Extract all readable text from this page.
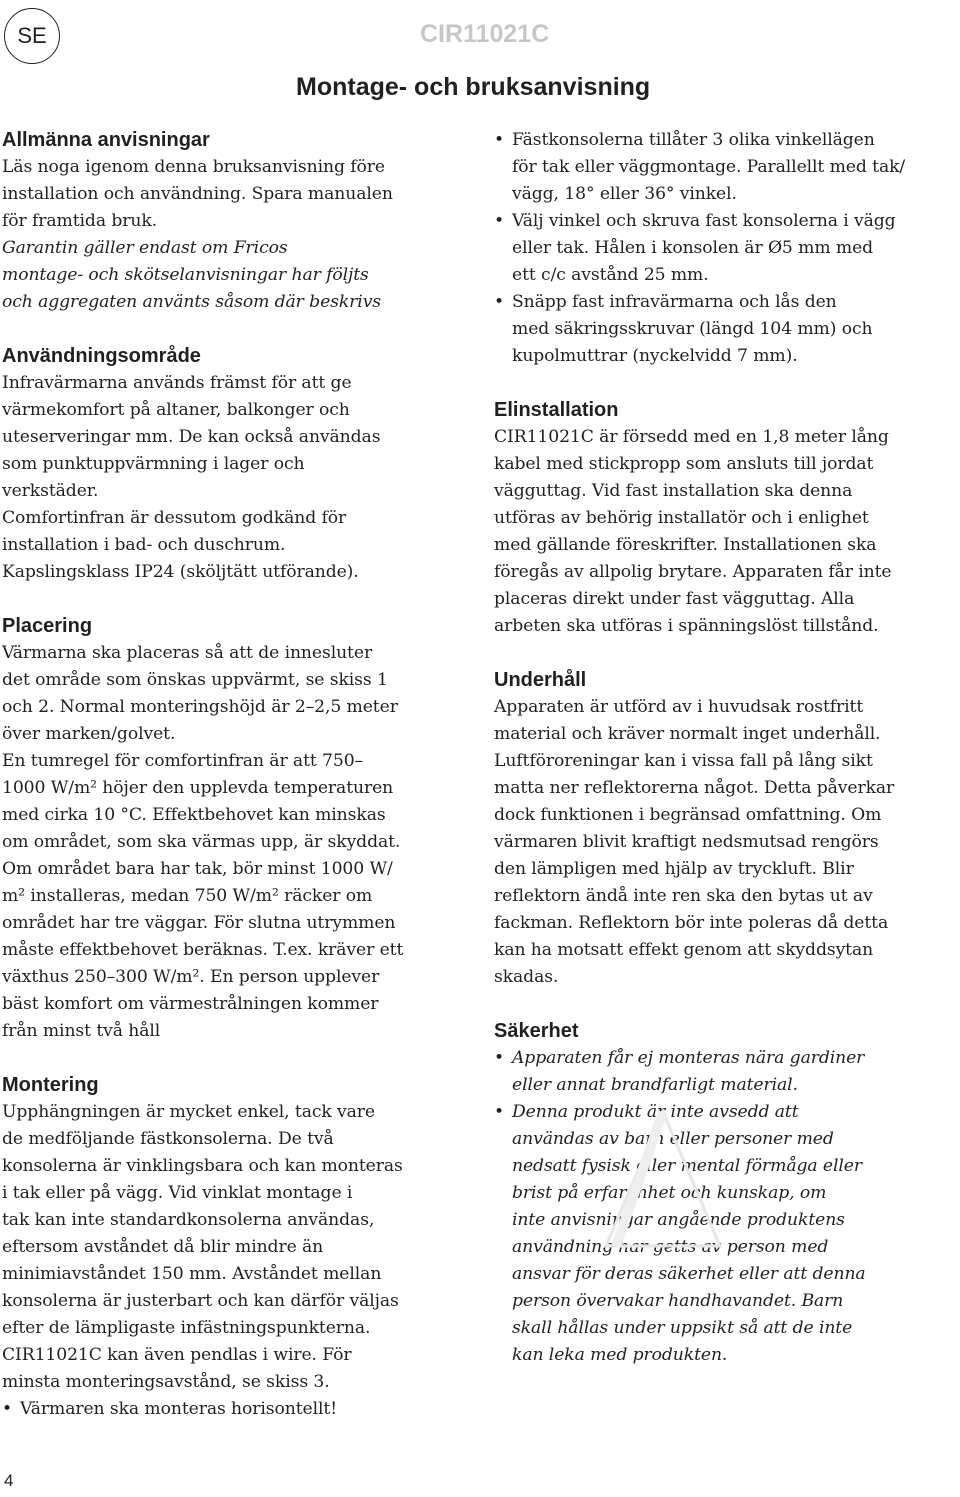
SE	CIR11021C
Montage- och bruksanvisning
Allmänna anvisningar

Läs noga igenom denna bruksanvisning före
installation och användning. Spara manualen
för framtida bruk.

Garantin gäller endast om Fricos
montage- och skötselanvisningar har följts
och aggregaten använts såsom där beskrivs

Användningsområde

Infravärmarna används främst för att ge
värmekomfort på altaner, balkonger och
uteserveringar mm. De kan också användas
som punktuppvärmning i lager och
verkstäder.

Comfortinfran är dessutom godkänd för
installation i bad- och duschrum.

Kapslingsklass IP24 (sköljtätt utförande).

Placering

Värmarna ska placeras så att de innesluter
det område som önskas uppvärmt, se skiss 1
och 2. Normal monteringshöjd är 2–2,5 meter
över marken/golvet.

En tumregel för comfortinfran är att 750–
1000 W/m² höjer den upplevda temperaturen
med cirka 10 °C. Effektbehovet kan minskas
om området, som ska värmas upp, är skyddat.
Om området bara har tak, bör minst 1000 W/
m² installeras, medan 750 W/m² räcker om
området har tre väggar. För slutna utrymmen
måste effektbehovet beräknas. T.ex. kräver ett
växthus 250–300 W/m². En person upplever
bäst komfort om värmestrålningen kommer
från minst två håll

Montering

Upphängningen är mycket enkel, tack vare
de medföljande fästkonsolerna. De två
konsolerna är vinklingsbara och kan monteras
i tak eller på vägg. Vid vinklat montage i
tak kan inte standardkonsolerna användas,
eftersom avståndet då blir mindre än
minimiavståndet 150 mm. Avståndet mellan
konsolerna är justerbart och kan därför väljas
efter de lämpligaste infästningspunkterna.
CIR11021C kan även pendlas i wire. För
minsta monteringsavstånd, se skiss 3.

• Värmaren ska monteras horisontellt!
• Fästkonsolerna tillåter 3 olika vinkellägen
för tak eller väggmontage. Parallellt med tak/
vägg, 18° eller 36° vinkel.
• Välj vinkel och skruva fast konsolerna i vägg
eller tak. Hålen i konsolen är Ø5 mm med
ett c/c avstånd 25 mm.
• Snäpp fast infravärmarna och lås den
med säkringsskruvar (längd 104 mm) och
kupolmuttrar (nyckelvidd 7 mm).
Elinstallation

CIR11021C är försedd med en 1,8 meter lång
kabel med stickpropp som ansluts till jordat
vägguttag. Vid fast installation ska denna
utföras av behörig installatör och i enlighet
med gällande föreskrifter. Installationen ska
föregås av allpolig brytare. Apparaten får inte
placeras direkt under fast vägguttag. Alla
arbeten ska utföras i spänningslöst tillstånd.

Underhåll

Apparaten är utförd av i huvudsak rostfritt
material och kräver normalt inget underhåll.
Luftföroreningar kan i vissa fall på lång sikt
matta ner reflektorerna något. Detta påverkar
dock funktionen i begränsad omfattning. Om
värmaren blivit kraftigt nedsmutsad rengörs
den lämpligen med hjälp av tryckluft. Blir
reflektorn ändå inte ren ska den bytas ut av
fackman. Reflektorn bör inte poleras då detta
kan ha motsatt effekt genom att skyddsytan
skadas.

Säkerhet
• Apparaten får ej monteras nära gardiner
eller annat brandfarligt material.
• Denna produkt är inte avsedd att
användas av barn eller personer med
nedsatt fysisk eller mental förmåga eller
brist på erfarenhet och kunskap, om
inte anvisningar angående produktens
användning har getts av person med
ansvar för deras säkerhet eller att denna
person övervakar handhavandet. Barn
skall hållas under uppsikt så att de inte
kan leka med produkten.
4
